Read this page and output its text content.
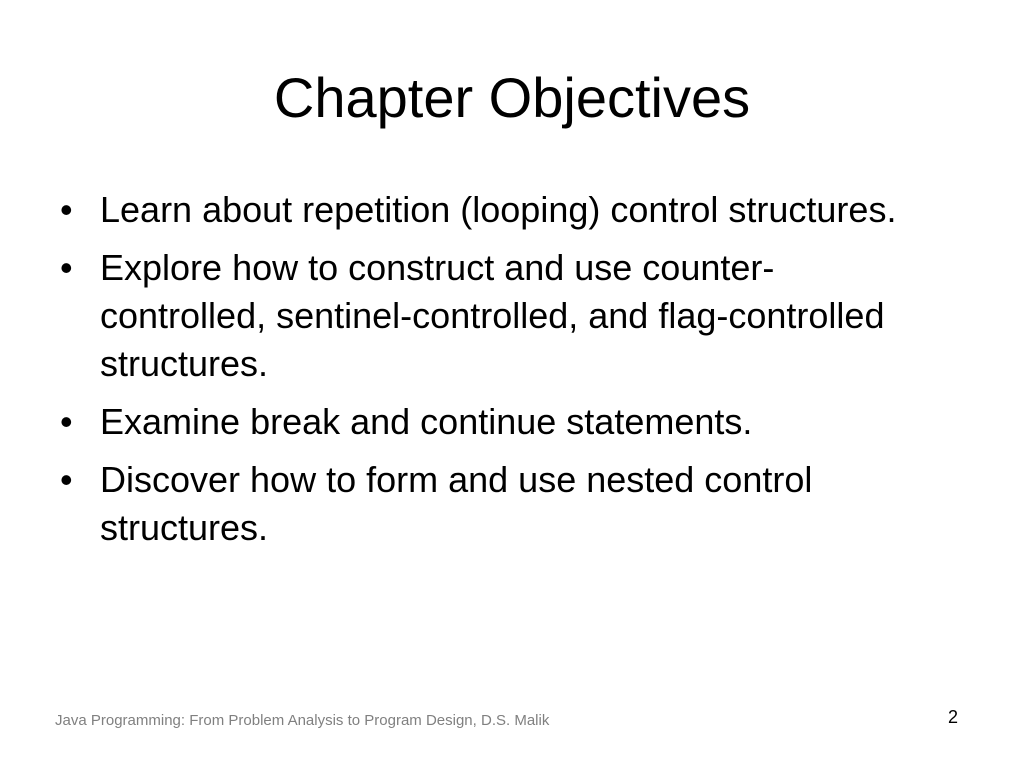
Chapter Objectives
• Learn about repetition (looping) control structures.
• Explore how to construct and use counter-controlled, sentinel-controlled, and flag-controlled structures.
• Examine break and continue statements.
• Discover how to form and use nested control structures.
Java Programming: From Problem Analysis to Program Design, D.S. Malik	2
